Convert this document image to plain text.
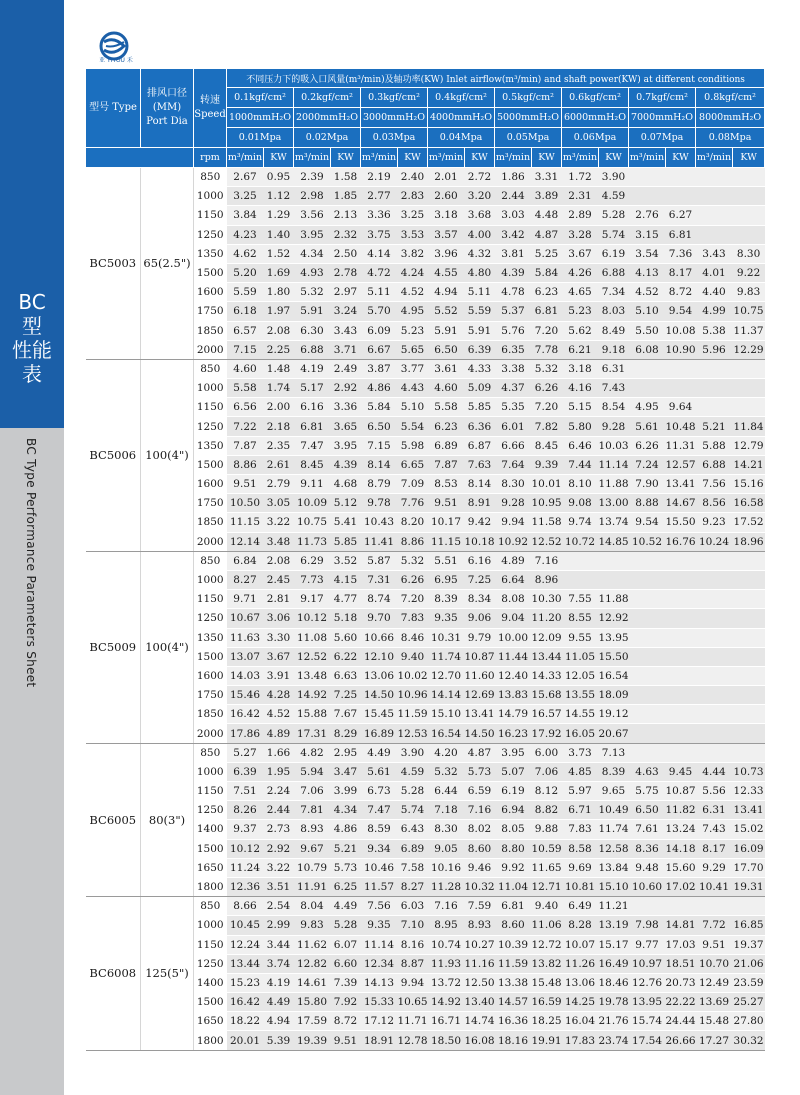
BC型 性能表
BC Type Performance Parameters Sheet
亚 YIYOU 禾
型号 Type	排风口径 (MM) Port Dia	转速 Speed	不同压力下的吸入口风量(m³/min)及轴功率(KW) Inlet airflow(m³/min) and shaft power(KW) at different conditions															
			0.1kgf/cm²		0.2kgf/cm²		0.3kgf/cm²		0.4kgf/cm²		0.5kgf/cm²		0.6kgf/cm²		0.7kgf/cm²		0.8kgf/cm²	
			1000mmH₂O		2000mmH₂O		3000mmH₂O		4000mmH₂O		5000mmH₂O		6000mmH₂O		7000mmH₂O		8000mmH₂O	
			0.01Mpa		0.02Mpa		0.03Mpa		0.04Mpa		0.05Mpa		0.06Mpa		0.07Mpa		0.08Mpa	
		rpm	m³/min	KW	m³/min	KW	m³/min	KW	m³/min	KW	m³/min	KW	m³/min	KW	m³/min	KW	m³/min	KW
BC5003	65(2.5")	850	2.67	0.95	2.39	1.58	2.19	2.40	2.01	2.72	1.86	3.31	1.72	3.90				
		1000	3.25	1.12	2.98	1.85	2.77	2.83	2.60	3.20	2.44	3.89	2.31	4.59				
		1150	3.84	1.29	3.56	2.13	3.36	3.25	3.18	3.68	3.03	4.48	2.89	5.28	2.76	6.27		
		1250	4.23	1.40	3.95	2.32	3.75	3.53	3.57	4.00	3.42	4.87	3.28	5.74	3.15	6.81		
		1350	4.62	1.52	4.34	2.50	4.14	3.82	3.96	4.32	3.81	5.25	3.67	6.19	3.54	7.36	3.43	8.30
		1500	5.20	1.69	4.93	2.78	4.72	4.24	4.55	4.80	4.39	5.84	4.26	6.88	4.13	8.17	4.01	9.22
		1600	5.59	1.80	5.32	2.97	5.11	4.52	4.94	5.11	4.78	6.23	4.65	7.34	4.52	8.72	4.40	9.83
		1750	6.18	1.97	5.91	3.24	5.70	4.95	5.52	5.59	5.37	6.81	5.23	8.03	5.10	9.54	4.99	10.75
		1850	6.57	2.08	6.30	3.43	6.09	5.23	5.91	5.91	5.76	7.20	5.62	8.49	5.50	10.08	5.38	11.37
		2000	7.15	2.25	6.88	3.71	6.67	5.65	6.50	6.39	6.35	7.78	6.21	9.18	6.08	10.90	5.96	12.29
BC5006	100(4")	850	4.60	1.48	4.19	2.49	3.87	3.77	3.61	4.33	3.38	5.32	3.18	6.31				
		1000	5.58	1.74	5.17	2.92	4.86	4.43	4.60	5.09	4.37	6.26	4.16	7.43				
		1150	6.56	2.00	6.16	3.36	5.84	5.10	5.58	5.85	5.35	7.20	5.15	8.54	4.95	9.64		
		1250	7.22	2.18	6.81	3.65	6.50	5.54	6.23	6.36	6.01	7.82	5.80	9.28	5.61	10.48	5.21	11.84
		1350	7.87	2.35	7.47	3.95	7.15	5.98	6.89	6.87	6.66	8.45	6.46	10.03	6.26	11.31	5.88	12.79
		1500	8.86	2.61	8.45	4.39	8.14	6.65	7.87	7.63	7.64	9.39	7.44	11.14	7.24	12.57	6.88	14.21
		1600	9.51	2.79	9.11	4.68	8.79	7.09	8.53	8.14	8.30	10.01	8.10	11.88	7.90	13.41	7.56	15.16
		1750	10.50	3.05	10.09	5.12	9.78	7.76	9.51	8.91	9.28	10.95	9.08	13.00	8.88	14.67	8.56	16.58
		1850	11.15	3.22	10.75	5.41	10.43	8.20	10.17	9.42	9.94	11.58	9.74	13.74	9.54	15.50	9.23	17.52
		2000	12.14	3.48	11.73	5.85	11.41	8.86	11.15	10.18	10.92	12.52	10.72	14.85	10.52	16.76	10.24	18.96
BC5009	100(4")	850	6.84	2.08	6.29	3.52	5.87	5.32	5.51	6.16	4.89	7.16						
		1000	8.27	2.45	7.73	4.15	7.31	6.26	6.95	7.25	6.64	8.96						
		1150	9.71	2.81	9.17	4.77	8.74	7.20	8.39	8.34	8.08	10.30	7.55	11.88				
		1250	10.67	3.06	10.12	5.18	9.70	7.83	9.35	9.06	9.04	11.20	8.55	12.92				
		1350	11.63	3.30	11.08	5.60	10.66	8.46	10.31	9.79	10.00	12.09	9.55	13.95				
		1500	13.07	3.67	12.52	6.22	12.10	9.40	11.74	10.87	11.44	13.44	11.05	15.50				
		1600	14.03	3.91	13.48	6.63	13.06	10.02	12.70	11.60	12.40	14.33	12.05	16.54				
		1750	15.46	4.28	14.92	7.25	14.50	10.96	14.14	12.69	13.83	15.68	13.55	18.09				
		1850	16.42	4.52	15.88	7.67	15.45	11.59	15.10	13.41	14.79	16.57	14.55	19.12				
		2000	17.86	4.89	17.31	8.29	16.89	12.53	16.54	14.50	16.23	17.92	16.05	20.67				
BC6005	80(3")	850	5.27	1.66	4.82	2.95	4.49	3.90	4.20	4.87	3.95	6.00	3.73	7.13				
		1000	6.39	1.95	5.94	3.47	5.61	4.59	5.32	5.73	5.07	7.06	4.85	8.39	4.63	9.45	4.44	10.73
		1150	7.51	2.24	7.06	3.99	6.73	5.28	6.44	6.59	6.19	8.12	5.97	9.65	5.75	10.87	5.56	12.33
		1250	8.26	2.44	7.81	4.34	7.47	5.74	7.18	7.16	6.94	8.82	6.71	10.49	6.50	11.82	6.31	13.41
		1400	9.37	2.73	8.93	4.86	8.59	6.43	8.30	8.02	8.05	9.88	7.83	11.74	7.61	13.24	7.43	15.02
		1500	10.12	2.92	9.67	5.21	9.34	6.89	9.05	8.60	8.80	10.59	8.58	12.58	8.36	14.18	8.17	16.09
		1650	11.24	3.22	10.79	5.73	10.46	7.58	10.16	9.46	9.92	11.65	9.69	13.84	9.48	15.60	9.29	17.70
		1800	12.36	3.51	11.91	6.25	11.57	8.27	11.28	10.32	11.04	12.71	10.81	15.10	10.60	17.02	10.41	19.31
BC6008	125(5")	850	8.66	2.54	8.04	4.49	7.56	6.03	7.16	7.59	6.81	9.40	6.49	11.21				
		1000	10.45	2.99	9.83	5.28	9.35	7.10	8.95	8.93	8.60	11.06	8.28	13.19	7.98	14.81	7.72	16.85
		1150	12.24	3.44	11.62	6.07	11.14	8.16	10.74	10.27	10.39	12.72	10.07	15.17	9.77	17.03	9.51	19.37
		1250	13.44	3.74	12.82	6.60	12.34	8.87	11.93	11.16	11.59	13.82	11.26	16.49	10.97	18.51	10.70	21.06
		1400	15.23	4.19	14.61	7.39	14.13	9.94	13.72	12.50	13.38	15.48	13.06	18.46	12.76	20.73	12.49	23.59
		1500	16.42	4.49	15.80	7.92	15.33	10.65	14.92	13.40	14.57	16.59	14.25	19.78	13.95	22.22	13.69	25.27
		1650	18.22	4.94	17.59	8.72	17.12	11.71	16.71	14.74	16.36	18.25	16.04	21.76	15.74	24.44	15.48	27.80
		1800	20.01	5.39	19.39	9.51	18.91	12.78	18.50	16.08	18.16	19.91	17.83	23.74	17.54	26.66	17.27	30.32
